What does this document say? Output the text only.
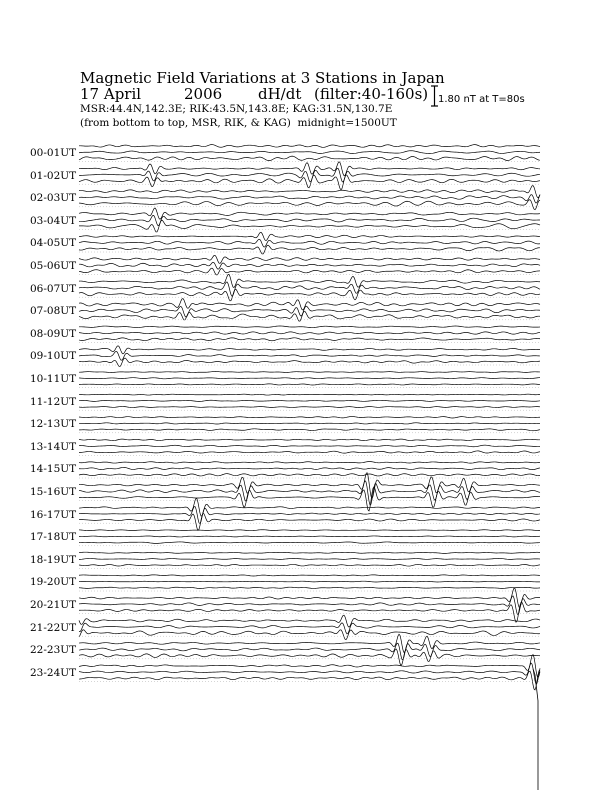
Magnetic Field Variations at 3 Stations in Japan
17 April	2006 dH/dt (filter:40-160s)
MSR:44.4N,142.3E; RIK:43.5N,143.8E; KAG:31.5N,130.7E
(from bottom to top, MSR, RIK, & KAG) midnight=1500UT
1.80 nT at T=80s
00-01UT
01-02UT
02-03UT
03-04UT
04-05UT
05-06UT
06-07UT
07-08UT
08-09UT
09-10UT
10-11UT
11-12UT
12-13UT
13-14UT
14-15UT
15-16UT
16-17UT
17-18UT
18-19UT
19-20UT
20-21UT
21-22UT
22-23UT
23-24UT
